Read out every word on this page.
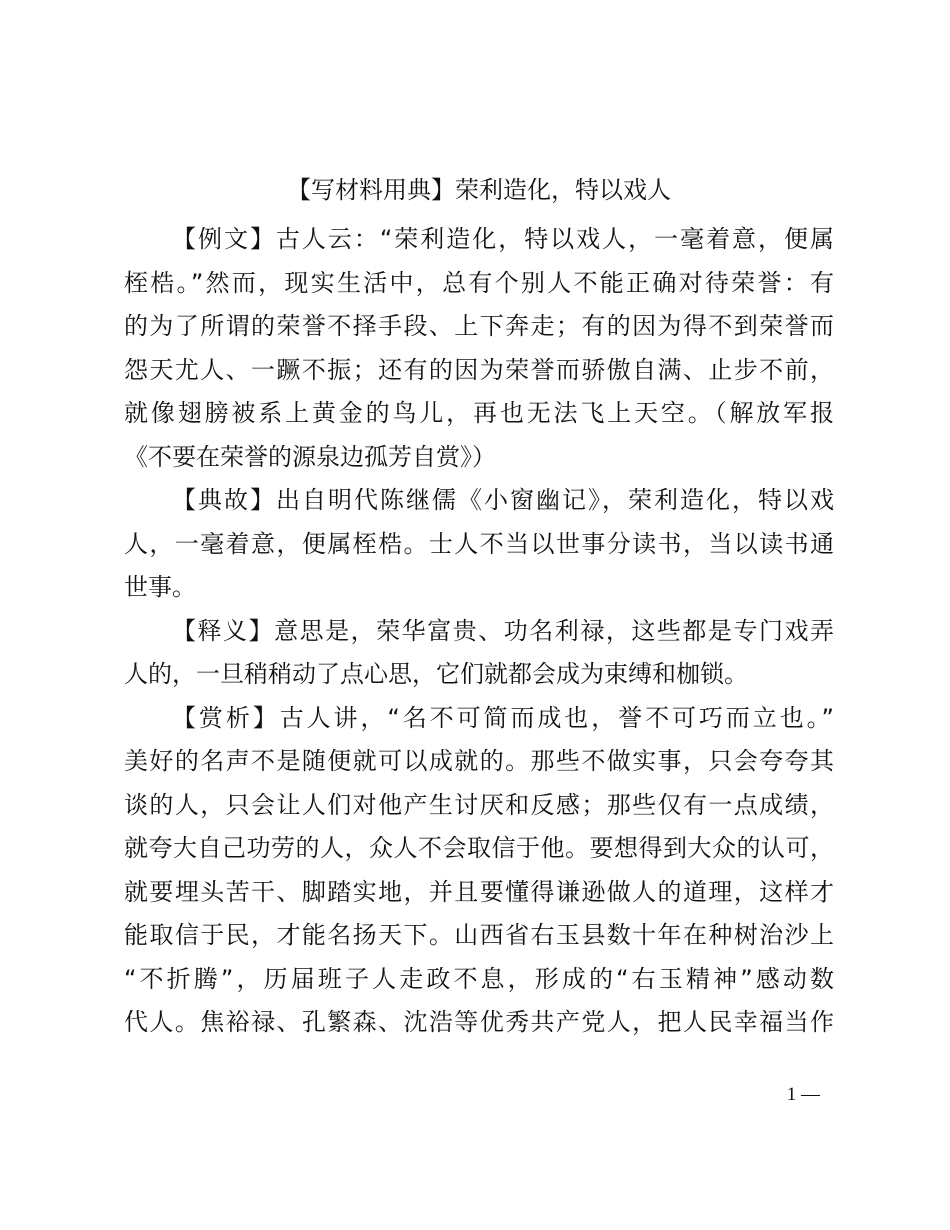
【写材料用典】荣利造化，特以戏人
【例文】古人云：“荣利造化，特以戏人，一毫着意，便属
桎梏。”然而，现实生活中，总有个别人不能正确对待荣誉：有
的为了所谓的荣誉不择手段、上下奔走；有的因为得不到荣誉而
怨天尤人、一蹶不振；还有的因为荣誉而骄傲自满、止步不前，
就像翅膀被系上黄金的鸟儿，再也无法飞上天空。（解放军报
《不要在荣誉的源泉边孤芳自赏》）
【典故】出自明代陈继儒《小窗幽记》，荣利造化，特以戏
人，一毫着意，便属桎梏。士人不当以世事分读书，当以读书通
世事。
【释义】意思是，荣华富贵、功名利禄，这些都是专门戏弄
人的，一旦稍稍动了点心思，它们就都会成为束缚和枷锁。
【赏析】古人讲，“名不可简而成也，誉不可巧而立也。”
美好的名声不是随便就可以成就的。那些不做实事，只会夸夸其
谈的人，只会让人们对他产生讨厌和反感；那些仅有一点成绩，
就夸大自己功劳的人，众人不会取信于他。要想得到大众的认可，
就要埋头苦干、脚踏实地，并且要懂得谦逊做人的道理，这样才
能取信于民，才能名扬天下。山西省右玉县数十年在种树治沙上
“不折腾”，历届班子人走政不息，形成的“右玉精神”感动数
代人。焦裕禄、孔繁森、沈浩等优秀共产党人，把人民幸福当作
1 —
